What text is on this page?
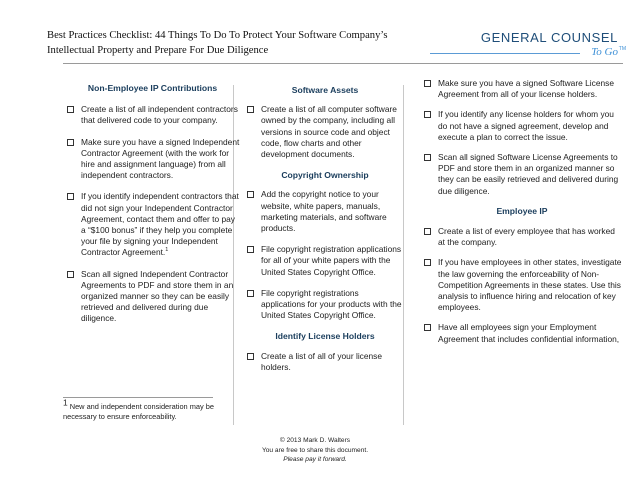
Best Practices Checklist: 44 Things To Do To Protect Your Software Company’s Intellectual Property and Prepare For Due Diligence
GENERAL COUNSEL
To Go TM
Non-Employee IP Contributions
Create a list of all independent contractors that delivered code to your company.
Make sure you have a signed Independent Contractor Agreement (with the work for hire and assignment language) from all independent contractors.
If you identify independent contractors that did not sign your Independent Contractor Agreement, contact them and offer to pay a “$100 bonus” if they help you complete your file by signing your Independent Contractor Agreement.$^1$
Scan all signed Independent Contractor Agreements to PDF and store them in an organized manner so they can be easily retrieved and delivered during due diligence.
Software Assets
Create a list of all computer software owned by the company, including all versions in source code and object code, flow charts and other development documents.
Copyright Ownership
Add the copyright notice to your website, white papers, manuals, marketing materials, and software products.
File copyright registration applications for all of your white papers with the United States Copyright Office.
File copyright registrations applications for your products with the United States Copyright Office.
Identify License Holders
Create a list of all of your license holders.
Make sure you have a signed Software License Agreement from all of your license holders.
If you identify any license holders for whom you do not have a signed agreement, develop and execute a plan to correct the issue.
Scan all signed Software License Agreements to PDF and store them in an organized manner so they can be easily retrieved and delivered during due diligence.
Employee IP
Create a list of every employee that has worked at the company.
If you have employees in other states, investigate the law governing the enforceability of Non-Competition Agreements in these states. Use this analysis to influence hiring and relocation of key employees.
Have all employees sign your Employment Agreement that includes confidential information,
$^1$ New and independent consideration may be necessary to ensure enforceability.
© 2013 Mark D. Walters
You are free to share this document.
Please pay it forward.
